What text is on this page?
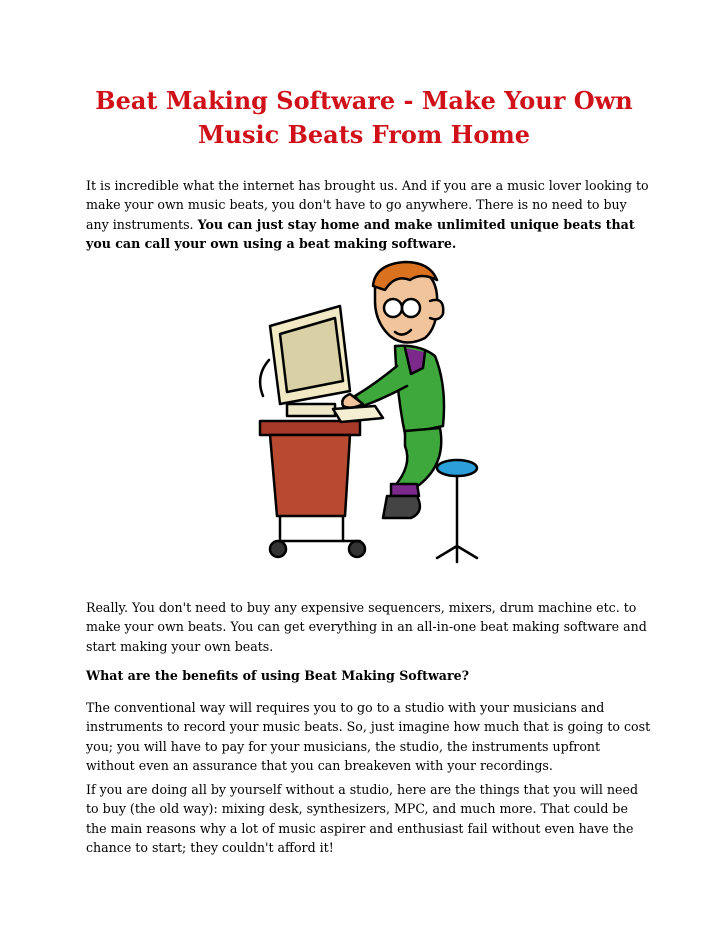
Beat Making Software - Make Your Own Music Beats From Home

It is incredible what the internet has brought us. And if you are a music lover looking to make your own music beats, you don't have to go anywhere. There is no need to buy any instruments. You can just stay home and make unlimited unique beats that you can call your own using a beat making software.

Really. You don't need to buy any expensive sequencers, mixers, drum machine etc. to make your own beats. You can get everything in an all-in-one beat making software and start making your own beats.

What are the benefits of using Beat Making Software?

The conventional way will requires you to go to a studio with your musicians and instruments to record your music beats. So, just imagine how much that is going to cost you; you will have to pay for your musicians, the studio, the instruments upfront without even an assurance that you can breakeven with your recordings.

If you are doing all by yourself without a studio, here are the things that you will need to buy (the old way): mixing desk, synthesizers, MPC, and much more. That could be the main reasons why a lot of music aspirer and enthusiast fail without even have the chance to start; they couldn't afford it!
